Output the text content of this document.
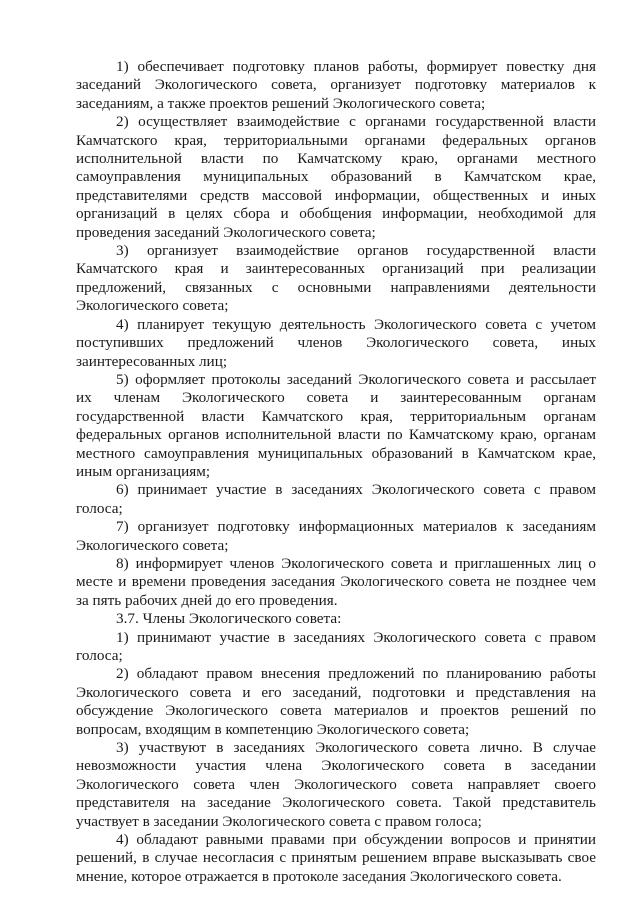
1) обеспечивает подготовку планов работы, формирует повестку дня заседаний Экологического совета, организует подготовку материалов к заседаниям, а также проектов решений Экологического совета;

2) осуществляет взаимодействие с органами государственной власти Камчатского края, территориальными органами федеральных органов исполнительной власти по Камчатскому краю, органами местного самоуправления муниципальных образований в Камчатском крае, представителями средств массовой информации, общественных и иных организаций в целях сбора и обобщения информации, необходимой для проведения заседаний Экологического совета;

3) организует взаимодействие органов государственной власти Камчатского края и заинтересованных организаций при реализации предложений, связанных с основными направлениями деятельности Экологического совета;

4) планирует текущую деятельность Экологического совета с учетом поступивших предложений членов Экологического совета, иных заинтересованных лиц;

5) оформляет протоколы заседаний Экологического совета и рассылает их членам Экологического совета и заинтересованным органам государственной власти Камчатского края, территориальным органам федеральных органов исполнительной власти по Камчатскому краю, органам местного самоуправления муниципальных образований в Камчатском крае, иным организациям;

6) принимает участие в заседаниях Экологического совета с правом голоса;

7) организует подготовку информационных материалов к заседаниям Экологического совета;

8) информирует членов Экологического совета и приглашенных лиц о месте и времени проведения заседания Экологического совета не позднее чем за пять рабочих дней до его проведения.

3.7. Члены Экологического совета:

1) принимают участие в заседаниях Экологического совета с правом голоса;

2) обладают правом внесения предложений по планированию работы Экологического совета и его заседаний, подготовки и представления на обсуждение Экологического совета материалов и проектов решений по вопросам, входящим в компетенцию Экологического совета;

3) участвуют в заседаниях Экологического совета лично. В случае невозможности участия члена Экологического совета в заседании Экологического совета член Экологического совета направляет своего представителя на заседание Экологического совета. Такой представитель участвует в заседании Экологического совета с правом голоса;

4) обладают равными правами при обсуждении вопросов и принятии решений, в случае несогласия с принятым решением вправе высказывать свое мнение, которое отражается в протоколе заседания Экологического совета.
